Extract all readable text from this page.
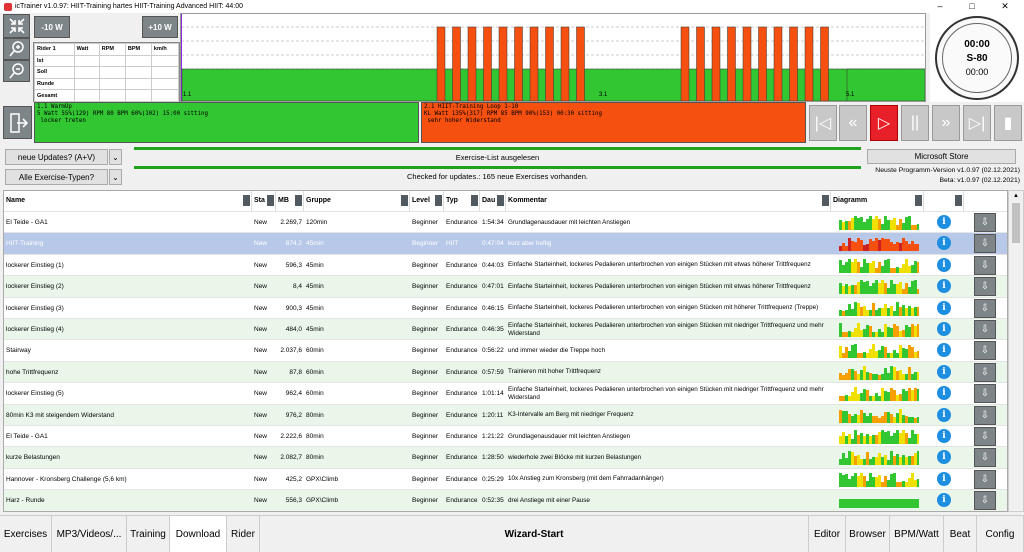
icTrainer v1.0.97: HIIT-Training hartes HIIT-Training Advanced HIIT: 44:00	–	□	✕
-10 W	+10 W
Rider 1	Watt	RPM	BPM	km/h
Ist				
Soll				
Runde				
Gesamt					1.1	3.1	5.1
00:00
S-80
00:00
1.1 WarmUp
5 Watt 55%(129) RPM 80 BPM 60%(102) 15:00 sitting
locker treten
2.1 HIIT-Training Loop 1-10
KL Watt 135%(317) RPM 85 BPM 90%(153) 00:30 sitting
sehr hoher Widerstand	|◁	«	▷	||	»	▷|	▮
neue Updates? (A+V)	⌄
Alle Exercise-Typen?	⌄
Exercise-List ausgelesen
Checked for updates.: 165 neue Exercises vorhanden.
Microsoft Store
Neuste Programm-Version v1.0.97 (02.12.2021)
Beta: v1.0.97 (02.12.2021)
Name	Sta	MB	Gruppe	Level	Typ	Dau	Kommentar	Diagramm
El Teide - GA1	New	2.269,7 120min	Beginner	Endurance 1:54:34 Grundlagenausdauer mit leichten Anstiegen	i	⇩
HIIT-Training	New	874,2 45min	Beginner	HIIT	0:47:04 kurz aber heftig	i	⇩
lockerer Einstieg (1)	New	596,3 45min	Beginner	Endurance 0:44:03 Einfache Starteinheit, lockeres Pedalieren unterbrochen von einigen Stücken mit etwas höherer Trittfrequenz	i	⇩
lockerer Einstieg (2)	New	8,4 45min	Beginner	Endurance 0:47:01 Einfache Starteinheit, lockeres Pedalieren unterbrochen von einigen Stücken mit etwas höherer Trittfrequenz	i	⇩
lockerer Einstieg (3)	New	900,3 45min	Beginner	Endurance 0:46:15 Einfache Starteinheit, lockeres Pedalieren unterbrochen von einigen Stücken mit höherer Trittfrequenz (Treppe)	i	⇩
lockerer Einstieg (4)	New	484,0 45min	Beginner	Endurance 0:46:35
Einfache Starteinheit, lockeres Pedalieren unterbrochen von einigen Stücken mit niedriger Trittfrequenz und mehr Widerstand	i	⇩
Stairway	New	2.037,6 60min	Beginner	Endurance 0:56:22 und immer wieder die Treppe hoch	i	⇩
hohe Trittfrequenz	New	87,8 60min	Beginner	Endurance 0:57:59 Trainieren mit hoher Trittfrequenz	i	⇩
lockerer Einstieg (5)	New	962,4 60min	Beginner	Endurance 1:01:14
Einfache Starteinheit, lockeres Pedalieren unterbrochen von einigen Stücken mit niedriger Trittfrequenz und mehr Widerstand	i	⇩
80min K3 mit steigendem Widerstand	New	976,2 80min	Beginner	Endurance 1:20:11 K3-Intervalle am Berg mit niedriger Frequenz	i	⇩
El Teide - GA1	New	2.222,6 80min	Beginner	Endurance 1:21:22 Grundlagenausdauer mit leichten Anstiegen	i	⇩
kurze Belastungen	New	2.082,7 80min	Beginner	Endurance 1:28:50 wiederhole zwei Blöcke mit kurzen Belastungen	i	⇩
Hannover - Kronsberg Challenge (5,6 km)	New	425,2 GPX\Climb	Beginner	Endurance 0:25:29 10x Anstieg zum Kronsberg (mit dem Fahrradanhänger)	i	⇩
Harz - Runde	New	556,3 GPX\Climb	Beginner	Endurance 0:52:35 drei Anstiege mit einer Pause	i	⇩
▲
Exercises MP3/Videos/... Training Download	Rider	Wizard-Start	Editor Browser BPM/Watt	Beat	Config
